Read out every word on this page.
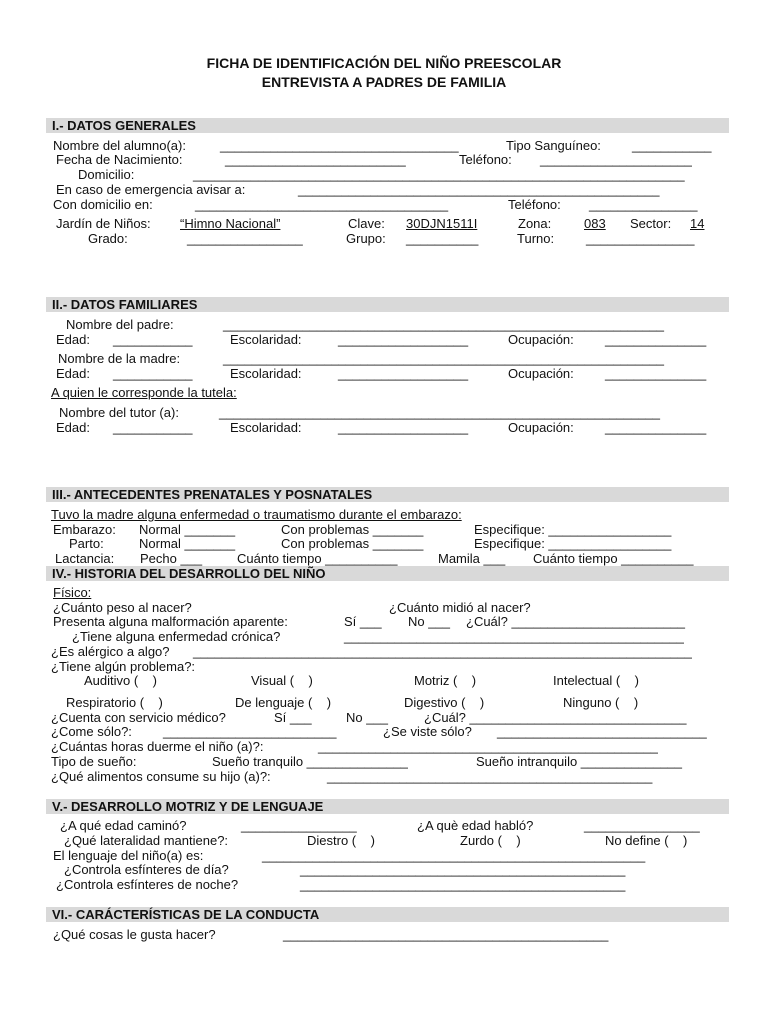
FICHA DE IDENTIFICACIÓN DEL NIÑO PREESCOLAR
ENTREVISTA A PADRES DE FAMILIA
I.- DATOS GENERALES
Nombre del alumno(a):	_________________________________	Tipo Sanguíneo: ___________
Fecha de Nacimiento:	_________________________	Teléfono: _____________________
Domicilio:	____________________________________________________________________
En caso de emergencia avisar a:	__________________________________________________
Con domicilio en:	___________________________________	Teléfono: _______________
Jardín de Niños: “Himno Nacional”	Clave: 30DJN1511I	Zona:	083 Sector: 14
Grado:	________________	Grupo: __________	Turno: _______________
II.- DATOS FAMILIARES
Nombre del padre:	_____________________________________________________________
Edad: ___________	Escolaridad:	__________________	Ocupación: ______________
Nombre de la madre:	_____________________________________________________________
Edad: ___________	Escolaridad:	__________________	Ocupación: ______________
A quien le corresponde la tutela:
Nombre del tutor (a):	_____________________________________________________________
Edad: ___________	Escolaridad:	__________________	Ocupación: ______________
III.- ANTECEDENTES PRENATALES Y POSNATALES
Tuvo la madre alguna enfermedad o traumatismo durante el embarazo:
Embarazo: Normal _______	Con problemas _______	Especifique: _________________
Parto:	Normal _______	Con problemas _______	Especifique: _________________
Lactancia: Pecho ___	Cuánto tiempo __________	Mamila ___ Cuánto tiempo __________
IV.- HISTORIA DEL DESARROLLO DEL NIÑO
Físico:
¿Cuánto peso al nacer?	¿Cuánto midió al nacer?
Presenta alguna malformación aparente:	Sí ___ No ___ ¿Cuál? ________________________
¿Tiene alguna enfermedad crónica?	_______________________________________________
¿Es alérgico a algo? _____________________________________________________________________
¿Tiene algún problema?:
Auditivo (    )	Visual (    )	Motriz (    )	Intelectual (    )
Respiratorio (    )	De lenguaje (    )	Digestivo (    )	Ninguno (    )
¿Cuenta con servicio médico?	Sí ___	No ___	¿Cuál? ______________________________
¿Come sólo?: ________________________	¿Se viste sólo? _____________________________
¿Cuántas horas duerme el niño (a)?:	_______________________________________________
Tipo de sueño:	Sueño tranquilo ______________	Sueño intranquilo ______________
¿Qué alimentos consume su hijo (a)?:	_____________________________________________
V.- DESARROLLO MOTRIZ Y DE LENGUAJE
¿A qué edad caminó?	________________	¿A què edad habló?	________________
¿Qué lateralidad mantiene?:	Diestro (    )	Zurdo (    )	No define (    )
El lenguaje del niño(a) es:	_____________________________________________________
¿Controla esfínteres de día?	_____________________________________________
¿Controla esfínteres de noche?	_____________________________________________
VI.- CARÁCTERÍSTICAS DE LA CONDUCTA
¿Qué cosas le gusta hacer?	_____________________________________________
